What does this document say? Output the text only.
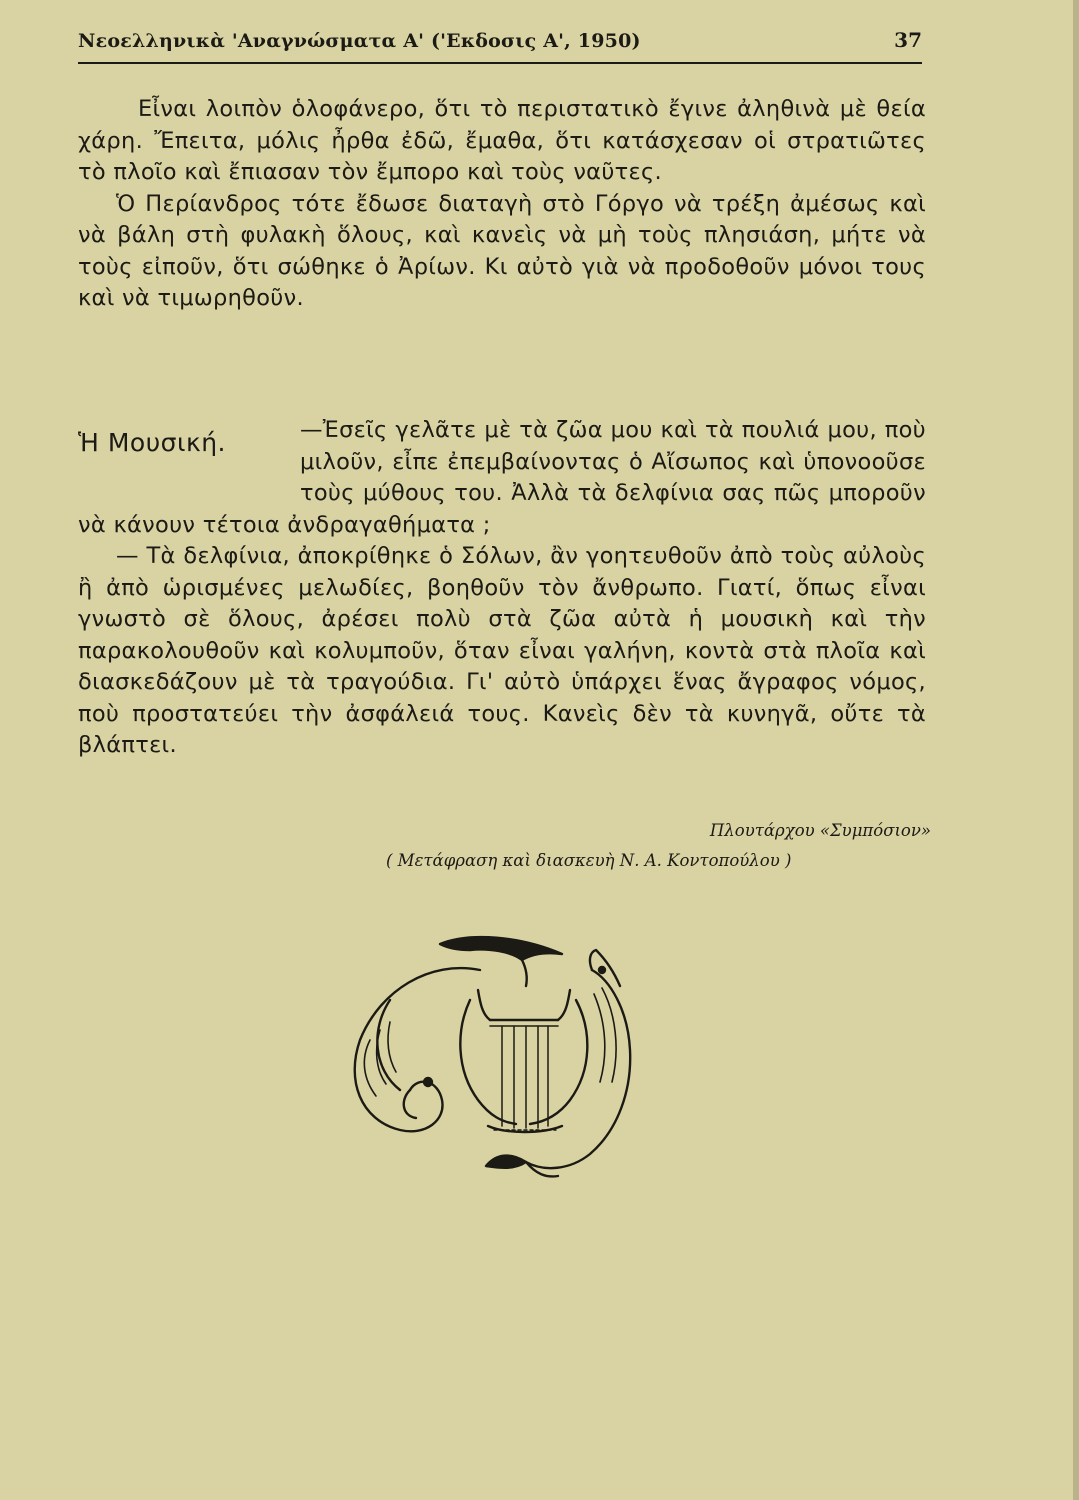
Νεοελληνικὰ 'Αναγνώσματα Α' ('Εκδοσις Α', 1950)	37

Εἶναι λοιπὸν ὁλοφάνερο, ὅτι τὸ περιστατικὸ ἔγινε ἀληθινὰ μὲ θεία χάρη. Ἔπειτα, μόλις ἦρθα ἐδῶ, ἔμαθα, ὅτι κατάσχεσαν οἱ στρατιῶτες τὸ πλοῖο καὶ ἔπιασαν τὸν ἔμπορο καὶ τοὺς ναῦτες.

Ὁ Περίανδρος τότε ἔδωσε διαταγὴ στὸ Γόργο νὰ τρέξη ἀμέσως καὶ νὰ βάλη στὴ φυλακὴ ὅλους, καὶ κανεὶς νὰ μὴ τοὺς πλησιάση, μήτε νὰ τοὺς εἰποῦν, ὅτι σώθηκε ὁ Ἀρίων. Κι αὐτὸ γιὰ νὰ προδοθοῦν μόνοι τους καὶ νὰ τιμωρηθοῦν.

Ἡ Μουσική.	—Ἐσεῖς γελᾶτε μὲ τὰ ζῶα μου καὶ τὰ πουλιά μου, ποὺ μιλοῦν, εἶπε ἐπεμβαίνοντας ὁ Αἴσωπος καὶ ὑπονοοῦσε τοὺς μύθους του. Ἀλλὰ τὰ δελφίνια σας πῶς μποροῦν νὰ κάνουν τέτοια ἀνδραγαθήματα ;

— Τὰ δελφίνια, ἀποκρίθηκε ὁ Σόλων, ἂν γοητευθοῦν ἀπὸ τοὺς αὐλοὺς ἢ ἀπὸ ὡρισμένες μελωδίες, βοηθοῦν τὸν ἄνθρωπο. Γιατί, ὅπως εἶναι γνωστὸ σὲ ὅλους, ἀρέσει πολὺ στὰ ζῶα αὐτὰ ἡ μουσικὴ καὶ τὴν παρακολουθοῦν καὶ κολυμποῦν, ὅταν εἶναι γαλήνη, κοντὰ στὰ πλοῖα καὶ διασκεδάζουν μὲ τὰ τραγούδια. Γι' αὐτὸ ὑπάρχει ἕνας ἄγραφος νόμος, ποὺ προστατεύει τὴν ἀσφάλειά τους. Κανεὶς δὲν τὰ κυνηγᾶ, οὔτε τὰ βλάπτει.

Πλουτάρχου «Συμπόσιον»
( Μετάφραση καὶ διασκευὴ Ν. Α. Κοντοπούλου )
